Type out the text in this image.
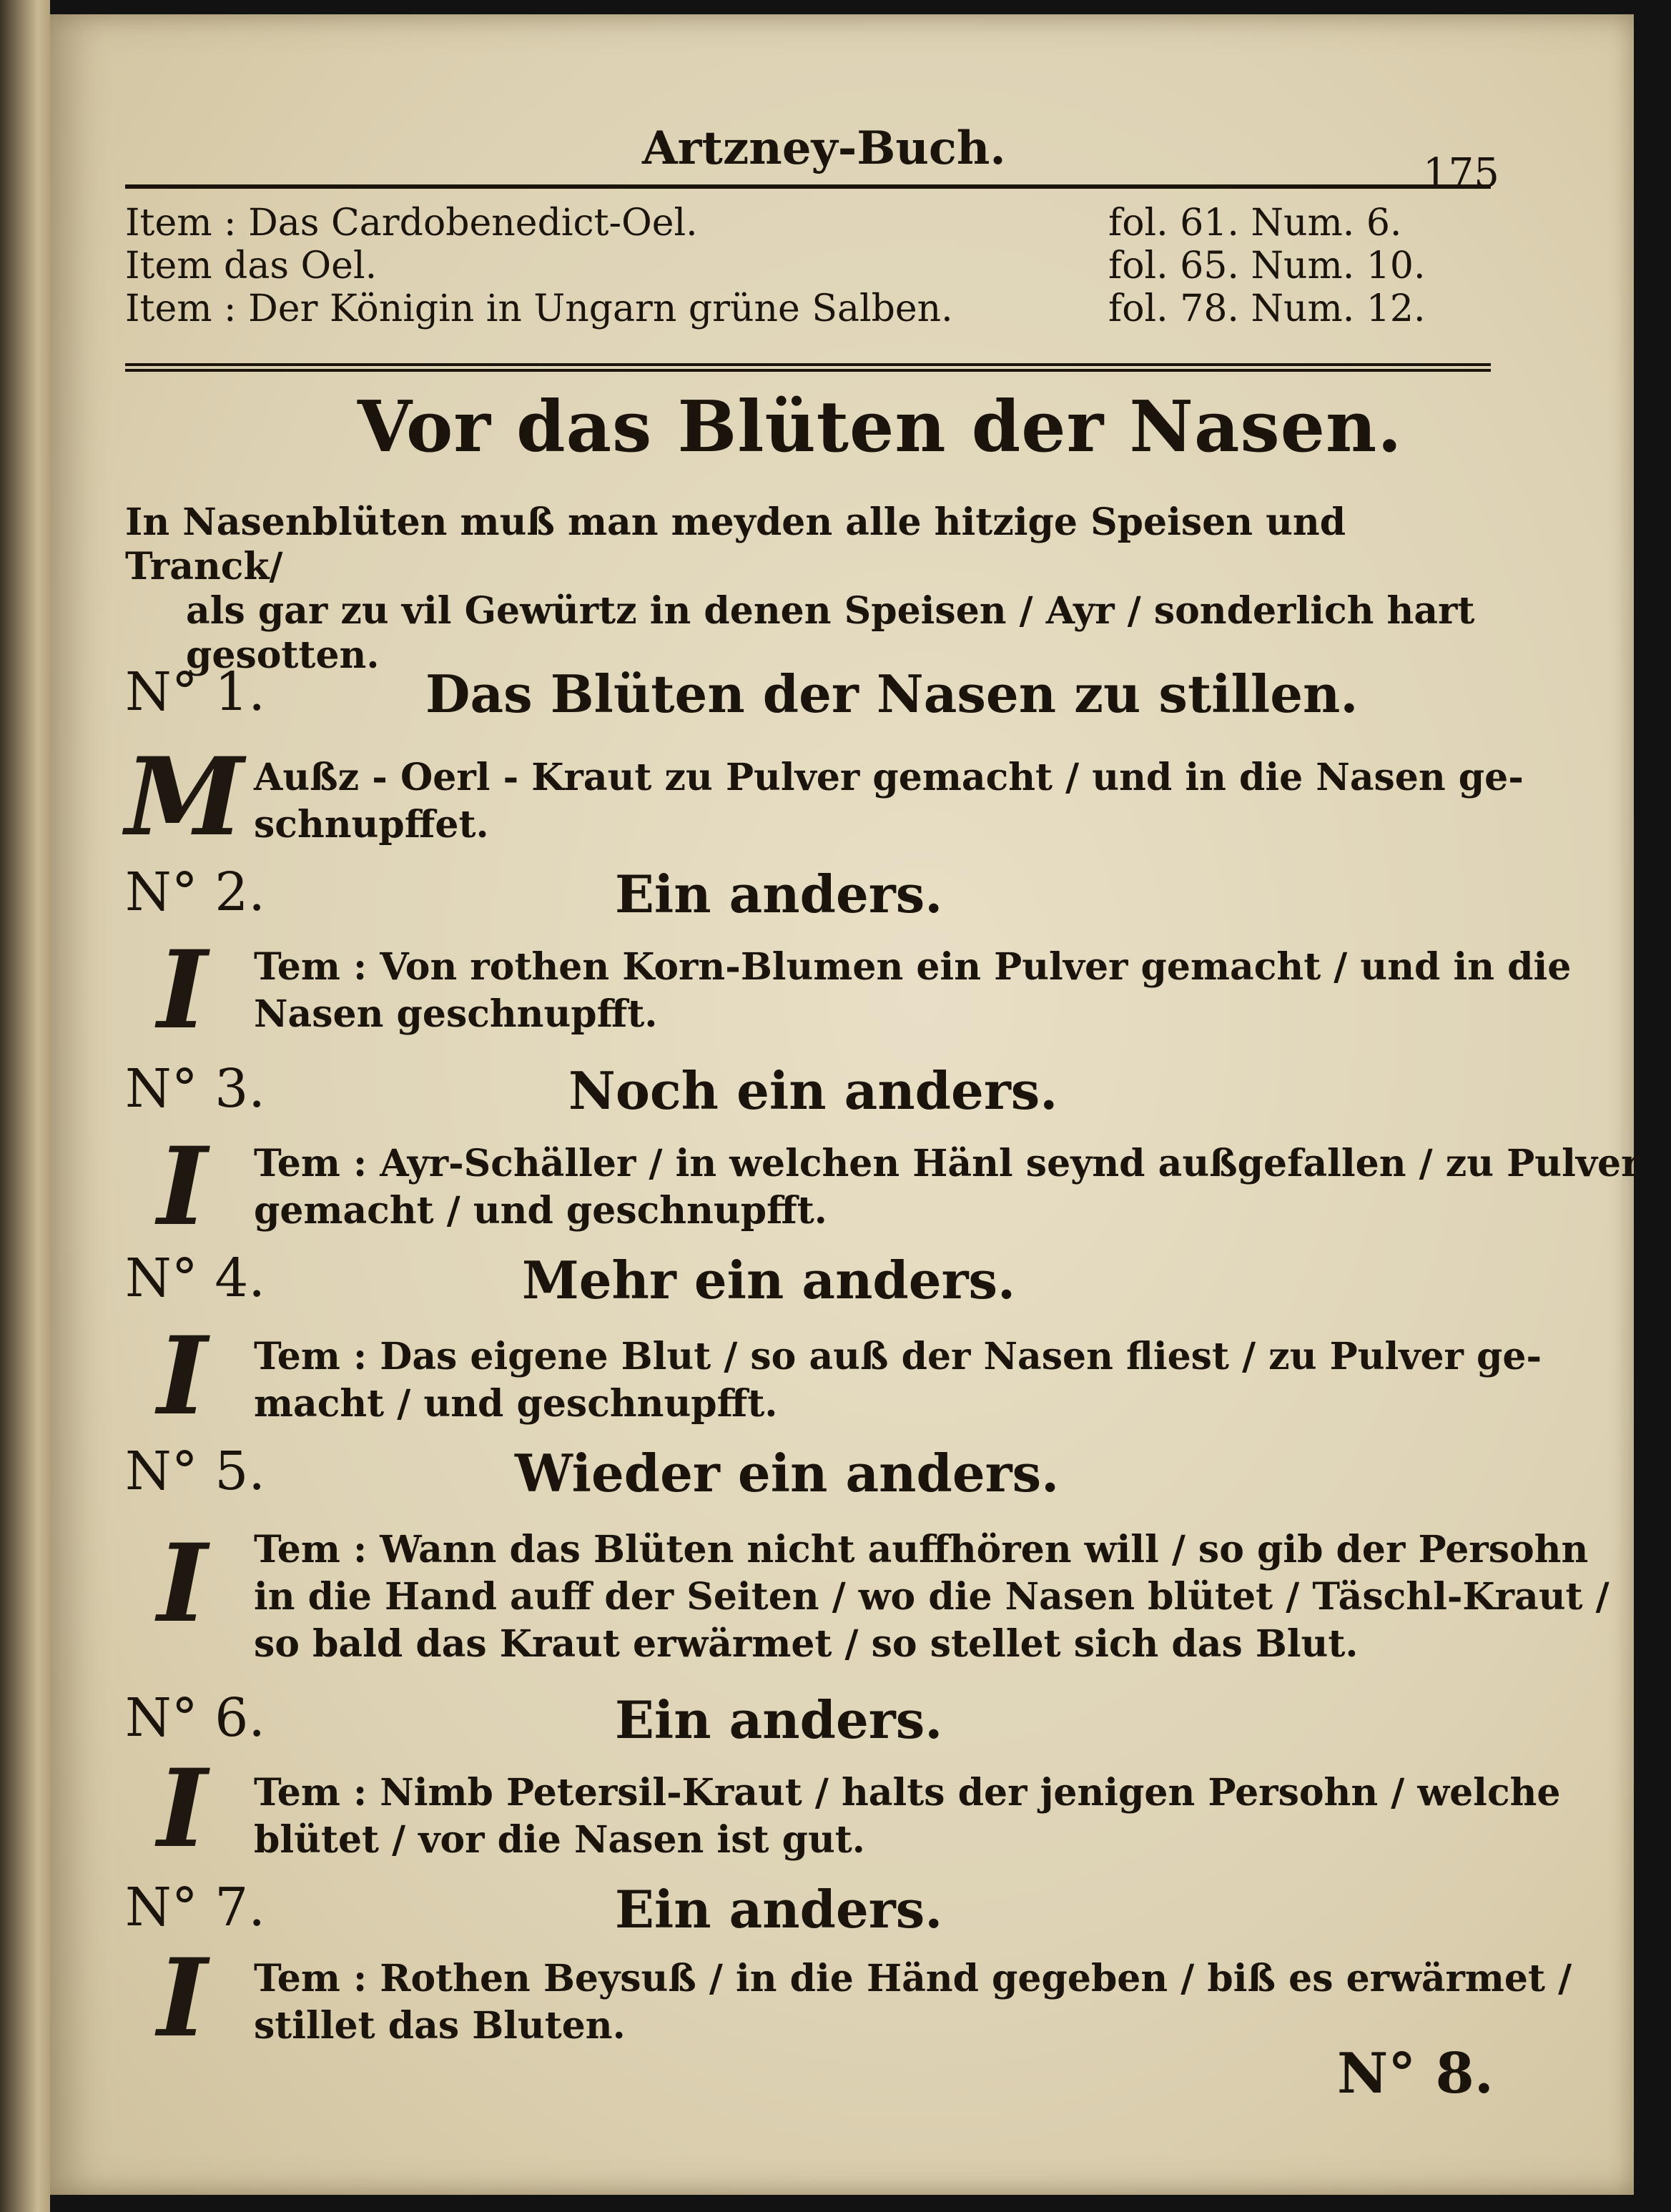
Artzney-Buch.	175
Item : Das Cardobenedict-Oel.	fol. 61. Num. 6.
Item das Oel.	fol. 65. Num. 10.
Item : Der Königin in Ungarn grüne Salben.	fol. 78. Num. 12.
Vor das Blüten der Nasen.
In Nasenblüten muß man meyden alle hitzige Speisen und Tranck/
als gar zu vil Gewürtz in denen Speisen / Ayr / sonderlich hart
gesotten.
N° 1.	Das Blüten der Nasen zu stillen.
M Außz - Oerl - Kraut zu Pulver gemacht / und in die Nasen ge-
schnupffet.
N° 2.	Ein anders.
I	Tem : Von rothen Korn-Blumen ein Pulver gemacht / und in die
Nasen geschnupfft.
N° 3.	Noch ein anders.
I	Tem : Ayr-Schäller / in welchen Hänl seynd außgefallen / zu Pulver
gemacht / und geschnupfft.
N° 4.	Mehr ein anders.
I	Tem : Das eigene Blut / so auß der Nasen fliest / zu Pulver ge-
macht / und geschnupfft.
N° 5.	Wieder ein anders.
I	Tem : Wann das Blüten nicht auffhören will / so gib der Persohn
in die Hand auff der Seiten / wo die Nasen blütet / Täschl-Kraut /
so bald das Kraut erwärmet / so stellet sich das Blut.
N° 6.	Ein anders.
I	Tem : Nimb Petersil-Kraut / halts der jenigen Persohn / welche
blütet / vor die Nasen ist gut.
N° 7.	Ein anders.
I	Tem : Rothen Beysuß / in die Händ gegeben / biß es erwärmet /
stillet das Bluten.
N° 8.
